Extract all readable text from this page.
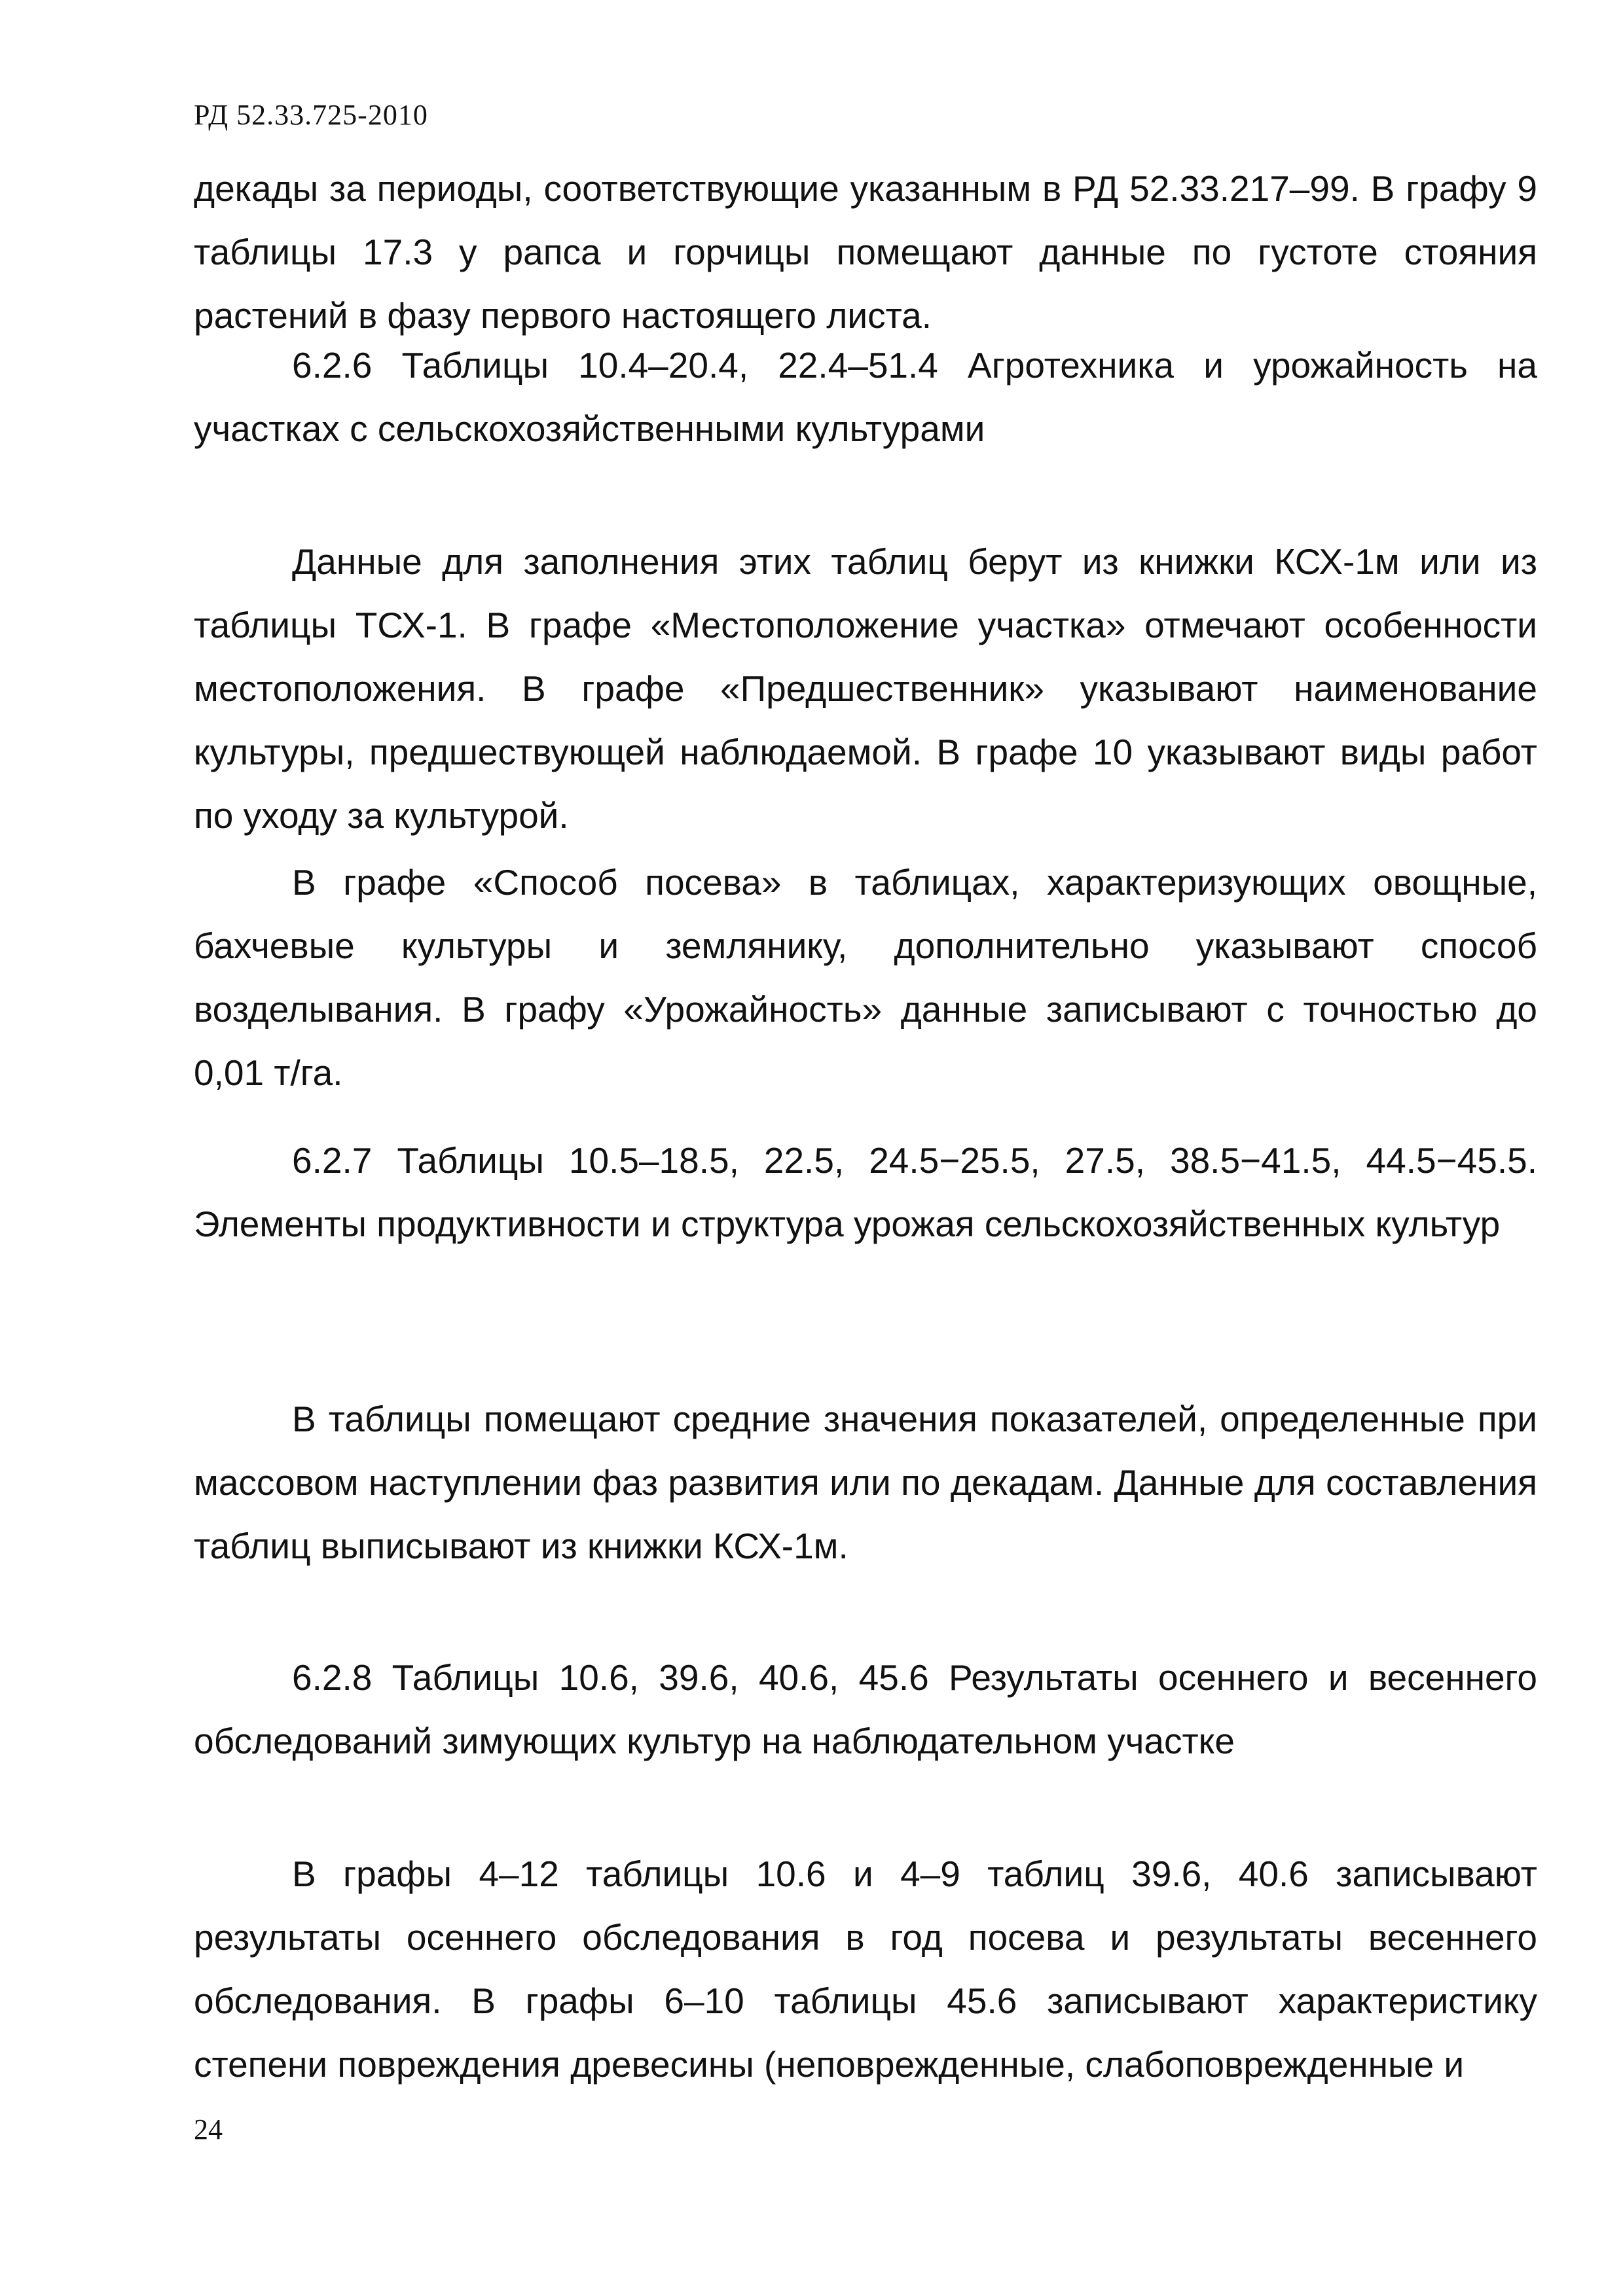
РД 52.33.725-2010

декады за периоды, соответствующие указанным в РД 52.33.217–99. В графу 9 таблицы 17.3 у рапса и горчицы помещают данные по густоте стояния растений в фазу первого настоящего листа.

6.2.6 Таблицы 10.4–20.4, 22.4–51.4 Агротехника и урожайность на участках с сельскохозяйственными культурами

Данные для заполнения этих таблиц берут из книжки КСХ-1м или из таблицы ТСХ-1. В графе «Местоположение участка» отмечают особенности местоположения. В графе «Предшественник» указывают наименование культуры, предшествующей наблюдаемой. В графе 10 указывают виды работ по уходу за культурой.

В графе «Способ посева» в таблицах, характеризующих овощные, бахчевые культуры и землянику, дополнительно указывают способ возделывания. В графу «Урожайность» данные записывают с точностью до 0,01 т/га.

6.2.7 Таблицы 10.5–18.5, 22.5, 24.5−25.5, 27.5, 38.5−41.5, 44.5−45.5. Элементы продуктивности и структура урожая сельскохозяйственных культур

В таблицы помещают средние значения показателей, определенные при массовом наступлении фаз развития или по декадам. Данные для составления таблиц выписывают из книжки КСХ-1м.

6.2.8 Таблицы 10.6, 39.6, 40.6, 45.6 Результаты осеннего и весеннего обследований зимующих культур на наблюдательном участке

В графы 4–12 таблицы 10.6 и 4–9 таблиц 39.6, 40.6 записывают результаты осеннего обследования в год посева и результаты весеннего обследования. В графы 6–10 таблицы 45.6 записывают характеристику степени повреждения древесины (неповрежденные, слабоповрежденные и

24
